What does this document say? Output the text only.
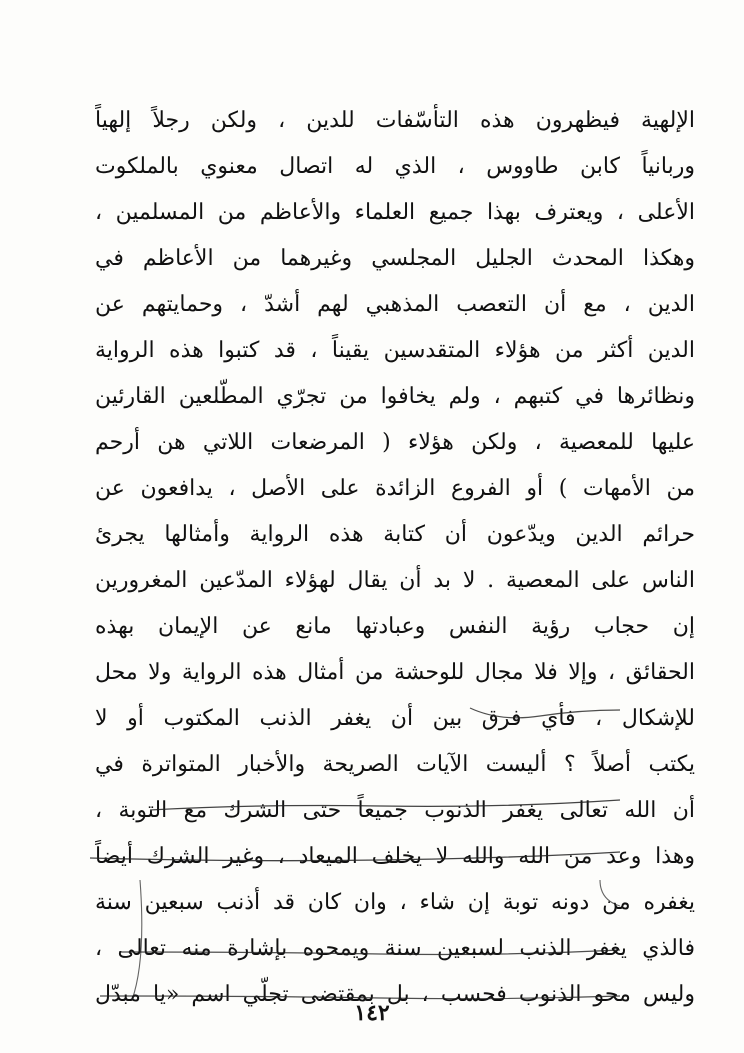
الإلهية فيظهرون هذه التأسّفات للدين ، ولكن رجلاً إلهياً
وربانياً كابن طاووس ، الذي له اتصال معنوي بالملكوت
الأعلى ، ويعترف بهذا جميع العلماء والأعاظم من المسلمين ،
وهكذا المحدث الجليل المجلسي وغيرهما من الأعاظم في
الدين ، مع أن التعصب المذهبي لهم أشدّ ، وحمايتهم عن
الدين أكثر من هؤلاء المتقدسين يقيناً ، قد كتبوا هذه الرواية
ونظائرها في كتبهم ، ولم يخافوا من تجرّي المطّلعين القارئين
عليها للمعصية ، ولكن هؤلاء ( المرضعات اللاتي هن أرحم
من الأمهات ) أو الفروع الزائدة على الأصل ، يدافعون عن
حرائم الدين ويدّعون أن كتابة هذه الرواية وأمثالها يجرئ
الناس على المعصية . لا بد أن يقال لهؤلاء المدّعين المغرورين
إن حجاب رؤية النفس وعبادتها مانع عن الإيمان بهذه
الحقائق ، وإلا فلا مجال للوحشة من أمثال هذه الرواية ولا محل
للإشكال ، فأي فرق بين أن يغفر الذنب المكتوب أو لا
يكتب أصلاً ؟ أليست الآيات الصريحة والأخبار المتواترة في
أن الله تعالى يغفر الذنوب جميعاً حتى الشرك مع التوبة ،
وهذا وعد من الله والله لا يخلف الميعاد ، وغير الشرك أيضاً
يغفره من دونه توبة إن شاء ، وان كان قد أذنب سبعين سنة
فالذي يغفر الذنب لسبعين سنة ويمحوه بإشارة منه تعالى ،
وليس محو الذنوب فحسب ، بل بمقتضى تجلّي اسم «يا مبدّل
١٤٢
